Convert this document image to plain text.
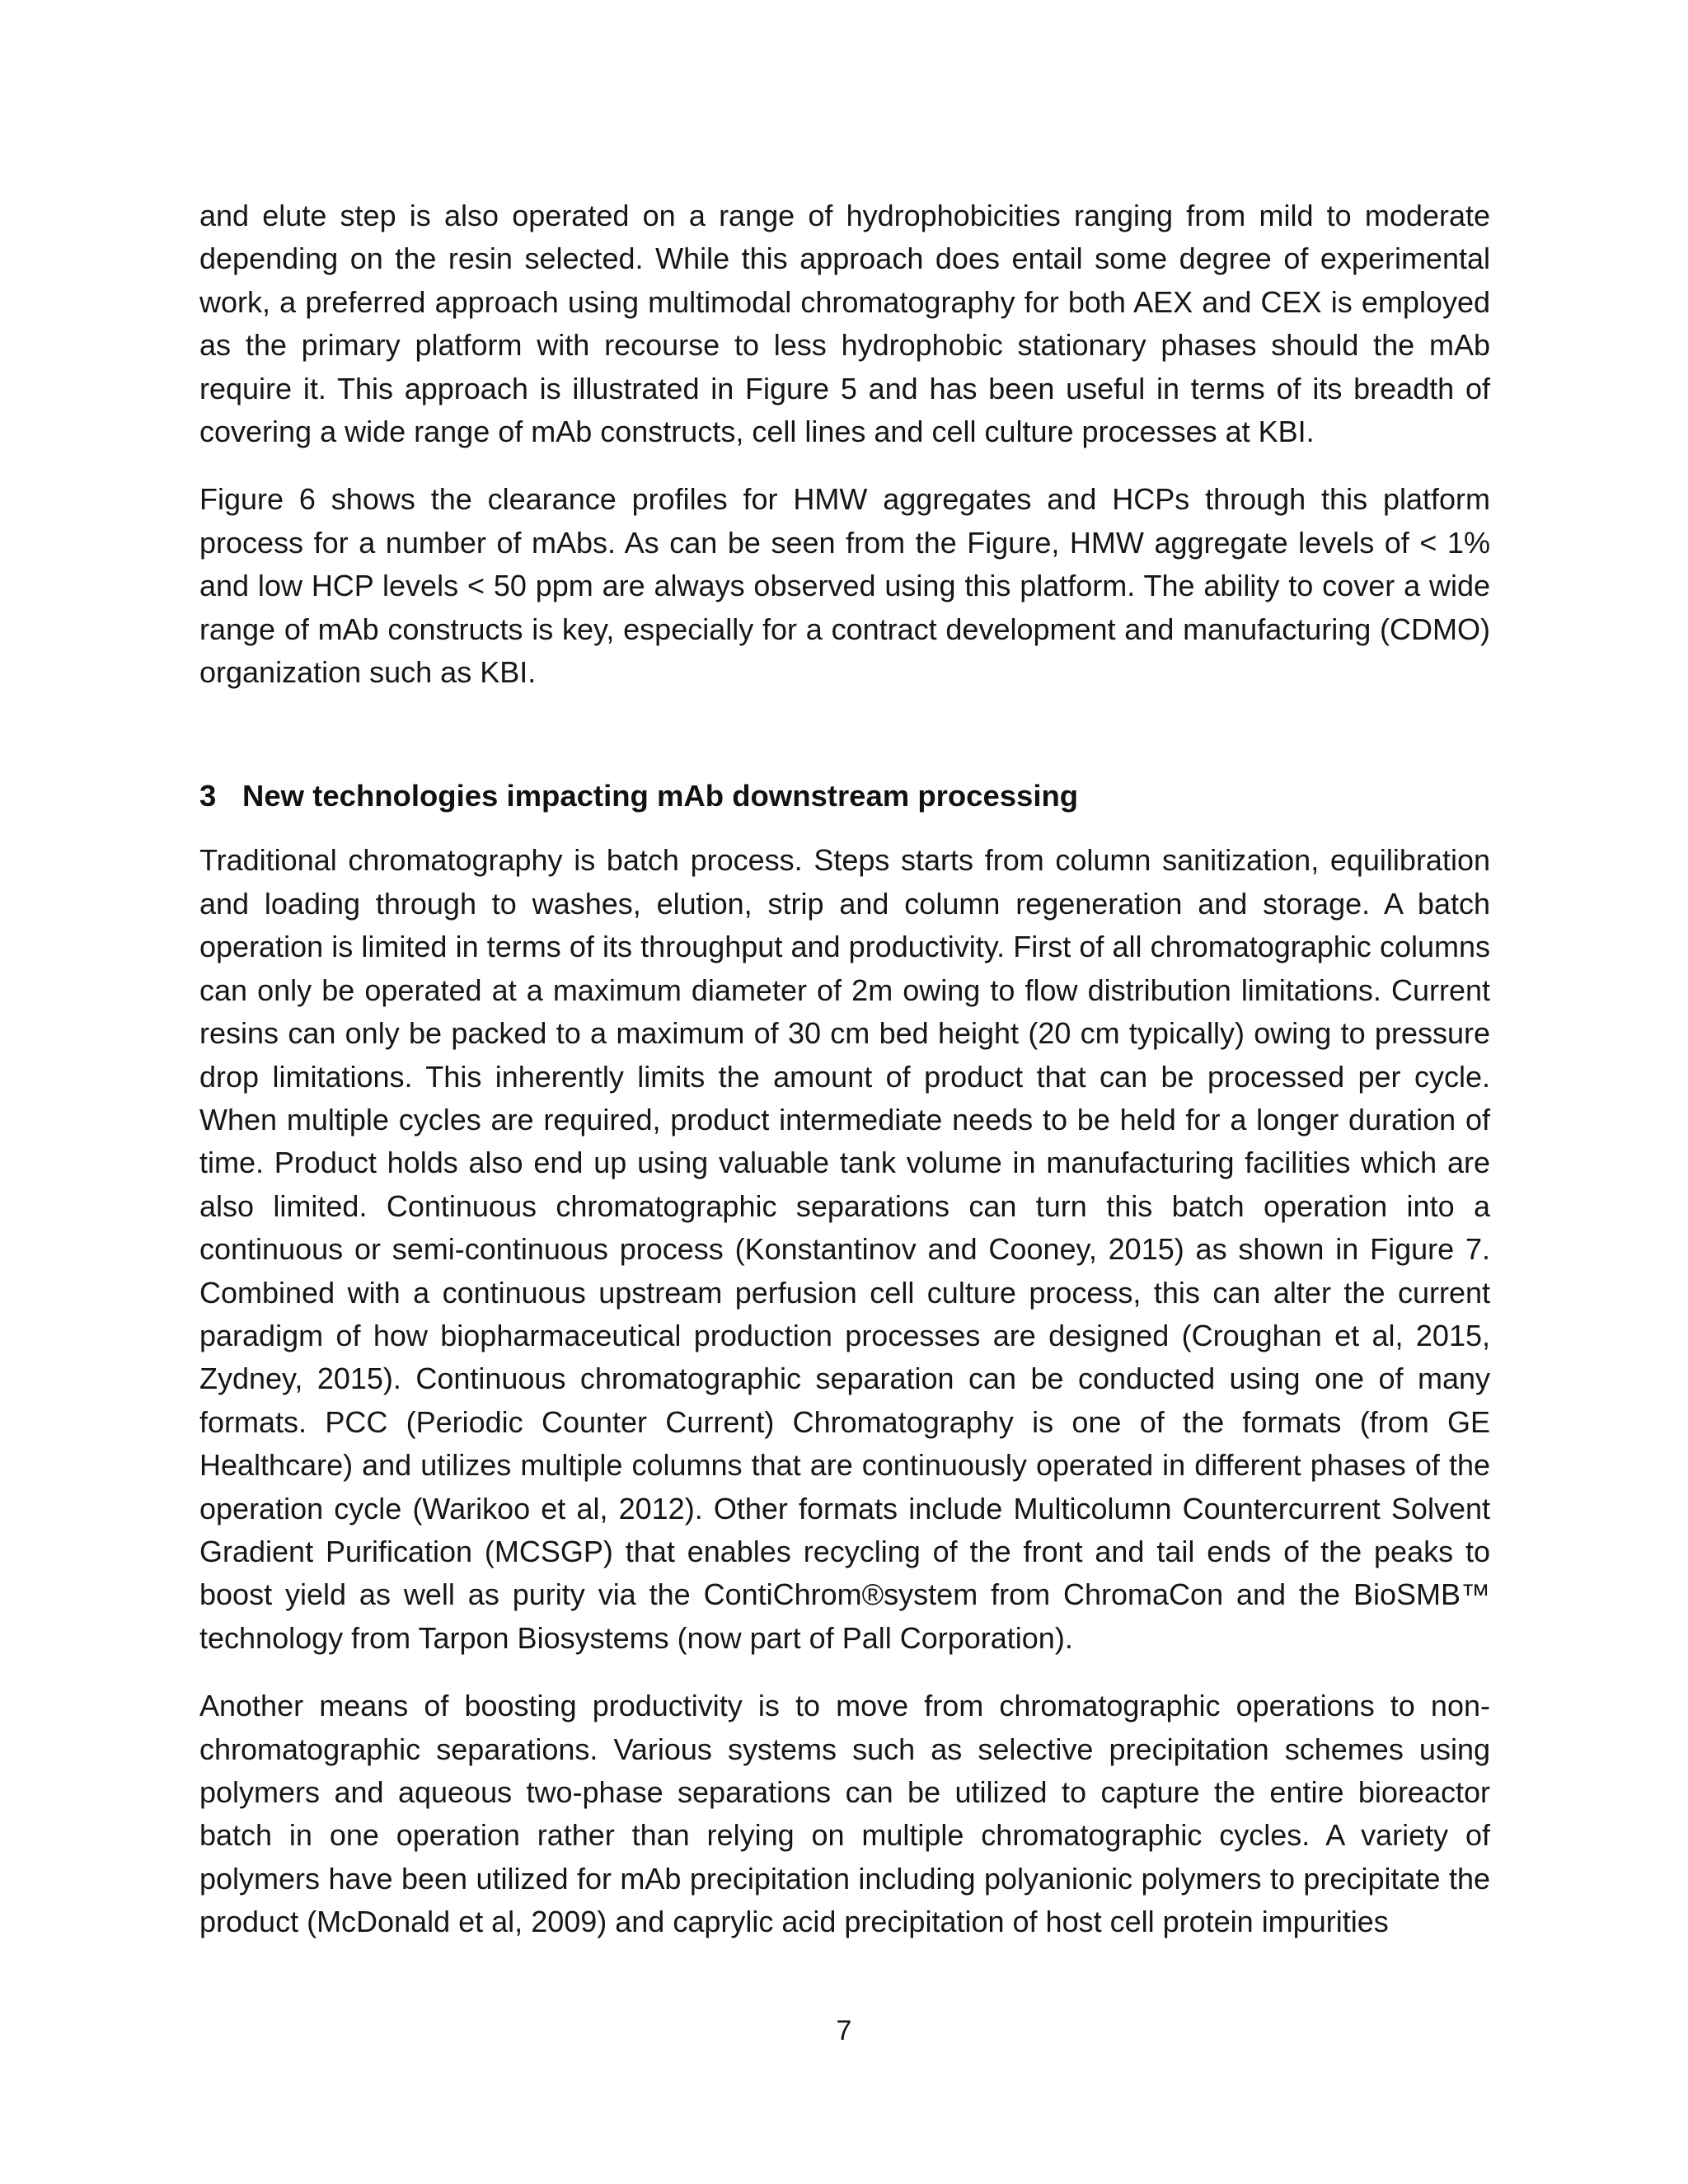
and elute step is also operated on a range of hydrophobicities ranging from mild to moderate depending on the resin selected. While this approach does entail some degree of experimental work, a preferred approach using multimodal chromatography for both AEX and CEX is employed as the primary platform with recourse to less hydrophobic stationary phases should the mAb require it. This approach is illustrated in Figure 5 and has been useful in terms of its breadth of covering a wide range of mAb constructs, cell lines and cell culture processes at KBI.

Figure 6 shows the clearance profiles for HMW aggregates and HCPs through this platform process for a number of mAbs. As can be seen from the Figure, HMW aggregate levels of < 1% and low HCP levels < 50 ppm are always observed using this platform. The ability to cover a wide range of mAb constructs is key, especially for a contract development and manufacturing (CDMO) organization such as KBI.

3 New technologies impacting mAb downstream processing

Traditional chromatography is batch process. Steps starts from column sanitization, equilibration and loading through to washes, elution, strip and column regeneration and storage. A batch operation is limited in terms of its throughput and productivity. First of all chromatographic columns can only be operated at a maximum diameter of 2m owing to flow distribution limitations. Current resins can only be packed to a maximum of 30 cm bed height (20 cm typically) owing to pressure drop limitations. This inherently limits the amount of product that can be processed per cycle. When multiple cycles are required, product intermediate needs to be held for a longer duration of time. Product holds also end up using valuable tank volume in manufacturing facilities which are also limited. Continuous chromatographic separations can turn this batch operation into a continuous or semi-continuous process (Konstantinov and Cooney, 2015) as shown in Figure 7. Combined with a continuous upstream perfusion cell culture process, this can alter the current paradigm of how biopharmaceutical production processes are designed (Croughan et al, 2015, Zydney, 2015). Continuous chromatographic separation can be conducted using one of many formats. PCC (Periodic Counter Current) Chromatography is one of the formats (from GE Healthcare) and utilizes multiple columns that are continuously operated in different phases of the operation cycle (Warikoo et al, 2012). Other formats include Multicolumn Countercurrent Solvent Gradient Purification (MCSGP) that enables recycling of the front and tail ends of the peaks to boost yield as well as purity via the ContiChrom®system from ChromaCon and the BioSMB™ technology from Tarpon Biosystems (now part of Pall Corporation).

Another means of boosting productivity is to move from chromatographic operations to non-chromatographic separations. Various systems such as selective precipitation schemes using polymers and aqueous two-phase separations can be utilized to capture the entire bioreactor batch in one operation rather than relying on multiple chromatographic cycles. A variety of polymers have been utilized for mAb precipitation including polyanionic polymers to precipitate the product (McDonald et al, 2009) and caprylic acid precipitation of host cell protein impurities

7
